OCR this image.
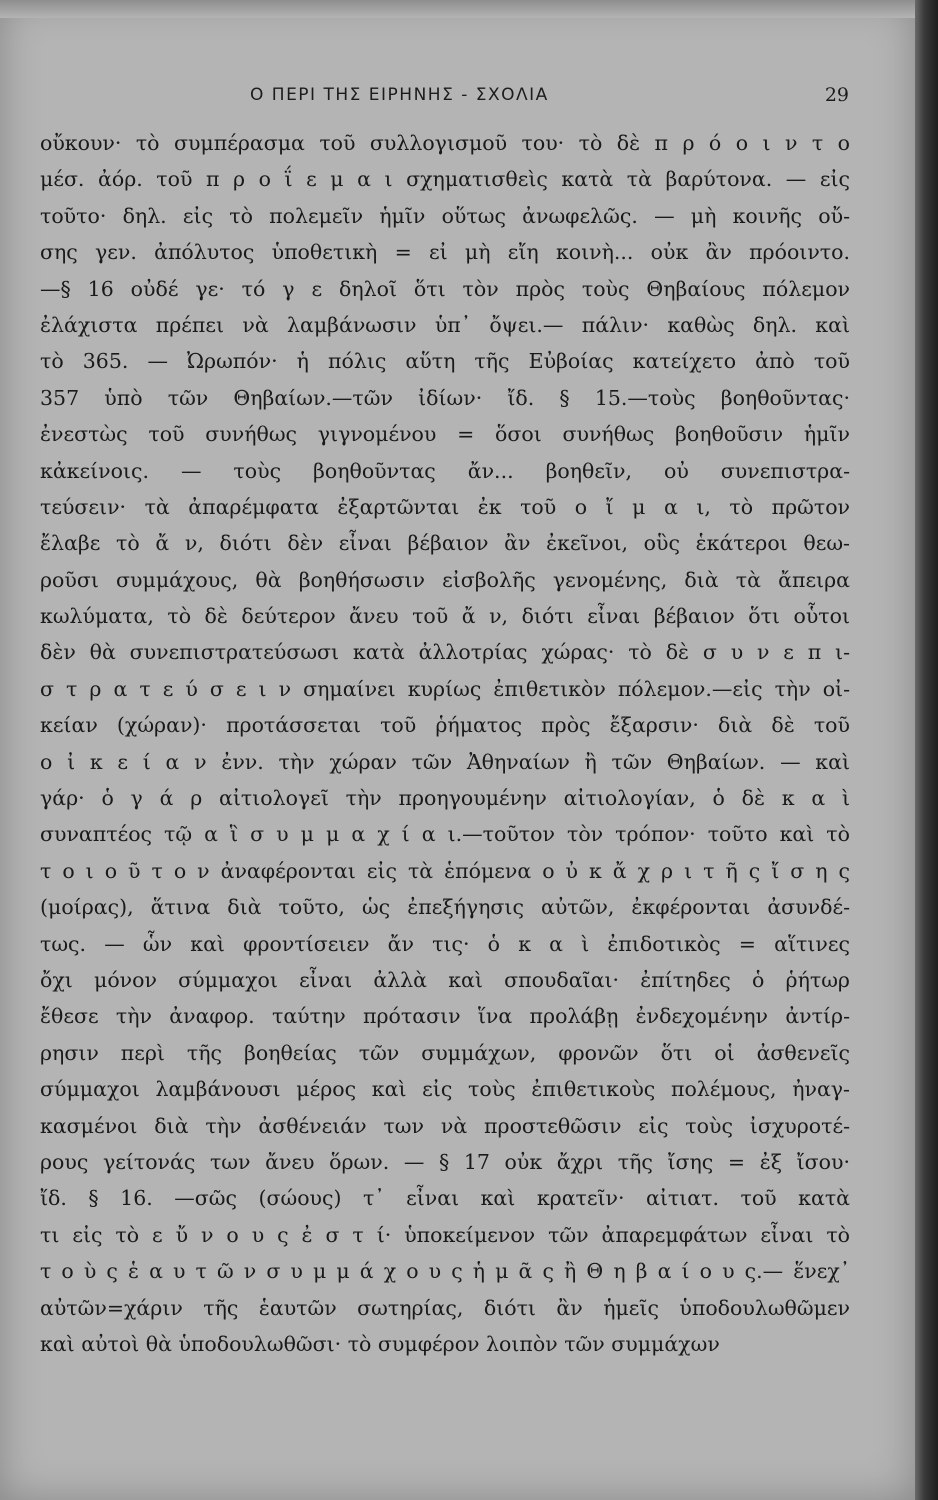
Ο ΠΕΡΙ ΤΗΣ ΕΙΡΗΝΗΣ - ΣΧΟΛΙΑ	29
οὔκουν· τὸ συμπέρασμα τοῦ συλλογισμοῦ του· τὸ δὲ π ρ ό ο ι ν τ ο
μέσ. ἀόρ. τοῦ π ρ ο ΐ ε μ α ι σχηματισθεὶς κατὰ τὰ βαρύτονα. — εἰς
τοῦτο· δηλ. εἰς τὸ πολεμεῖν ἡμῖν οὕτως ἀνωφελῶς. — μὴ κοινῆς οὔ-
σης γεν. ἀπόλυτος ὑποθετικὴ = εἰ μὴ εἴη κοινὴ... οὐκ ἂν πρόοιντο.
—§ 16 οὐδέ γε· τό γ ε δηλοῖ ὅτι τὸν πρὸς τοὺς Θηβαίους πόλεμον
ἐλάχιστα πρέπει νὰ λαμβάνωσιν ὑπ᾽ ὄψει.— πάλιν· καθὼς δηλ. καὶ
τὸ 365. — Ὠρωπόν· ἡ πόλις αὕτη τῆς Εὐβοίας κατείχετο ἀπὸ τοῦ
357 ὑπὸ τῶν Θηβαίων.—τῶν ἰδίων· ἴδ. § 15.—τοὺς βοηθοῦντας·
ἐνεστὼς τοῦ συνήθως γιγνομένου = ὅσοι συνήθως βοηθοῦσιν ἡμῖν
κἀκείνοις. — τοὺς βοηθοῦντας ἄν... βοηθεῖν, οὐ συνεπιστρα-
τεύσειν· τὰ ἀπαρέμφατα ἐξαρτῶνται ἐκ τοῦ ο ἴ μ α ι, τὸ πρῶτον
ἔλαβε τὸ ἄ ν, διότι δὲν εἶναι βέβαιον ἂν ἐκεῖνοι, οὓς ἑκάτεροι θεω-
ροῦσι συμμάχους, θὰ βοηθήσωσιν εἰσβολῆς γενομένης, διὰ τὰ ἄπειρα
κωλύματα, τὸ δὲ δεύτερον ἄνευ τοῦ ἄ ν, διότι εἶναι βέβαιον ὅτι οὗτοι
δὲν θὰ συνεπιστρατεύσωσι κατὰ ἀλλοτρίας χώρας· τὸ δὲ σ υ ν ε π ι-
σ τ ρ α τ ε ύ σ ε ι ν σημαίνει κυρίως ἐπιθετικὸν πόλεμον.—εἰς τὴν οἰ-
κείαν (χώραν)· προτάσσεται τοῦ ῥήματος πρὸς ἔξαρσιν· διὰ δὲ τοῦ
ο ἰ κ ε ί α ν ἐνν. τὴν χώραν τῶν Ἀθηναίων ἢ τῶν Θηβαίων. — καὶ
γάρ· ὁ γ ά ρ αἰτιολογεῖ τὴν προηγουμένην αἰτιολογίαν, ὁ δὲ κ α ὶ
συναπτέος τῷ α ἳ σ υ μ μ α χ ί α ι.—τοῦτον τὸν τρόπον· τοῦτο καὶ τὸ
τ ο ι ο ῦ τ ο ν ἀναφέρονται εἰς τὰ ἑπόμενα ο ὐ κ ἄ χ ρ ι τ ῆ ς ἴ σ η ς
(μοίρας), ἅτινα διὰ τοῦτο, ὡς ἐπεξήγησις αὐτῶν, ἐκφέρονται ἀσυνδέ-
τως. — ὧν καὶ φροντίσειεν ἄν τις· ὁ κ α ὶ ἐπιδοτικὸς = αἵτινες
ὄχι μόνον σύμμαχοι εἶναι ἀλλὰ καὶ σπουδαῖαι· ἐπίτηδες ὁ ῥήτωρ
ἔθεσε τὴν ἀναφορ. ταύτην πρότασιν ἵνα προλάβῃ ἐνδεχομένην ἀντίρ-
ρησιν περὶ τῆς βοηθείας τῶν συμμάχων, φρονῶν ὅτι οἱ ἀσθενεῖς
σύμμαχοι λαμβάνουσι μέρος καὶ εἰς τοὺς ἐπιθετικοὺς πολέμους, ἠναγ-
κασμένοι διὰ τὴν ἀσθένειάν των νὰ προστεθῶσιν εἰς τοὺς ἰσχυροτέ-
ρους γείτονάς των ἄνευ ὅρων. — § 17 οὐκ ἄχρι τῆς ἴσης = ἐξ ἴσου·
ἴδ. § 16. —σῶς (σώους) τ᾽ εἶναι καὶ κρατεῖν· αἰτιατ. τοῦ κατὰ
τι εἰς τὸ ε ὔ ν ο υ ς ἐ σ τ ί· ὑποκείμενον τῶν ἀπαρεμφάτων εἶναι τὸ
τ ο ὺ ς ἑ α υ τ ῶ ν σ υ μ μ ά χ ο υ ς ἡ μ ᾶ ς ἢ Θ η β α ί ο υ ς.— ἕνεχ᾽
αὐτῶν=χάριν τῆς ἑαυτῶν σωτηρίας, διότι ἂν ἡμεῖς ὑποδουλωθῶμεν
καὶ αὐτοὶ θὰ ὑποδουλωθῶσι· τὸ συμφέρον λοιπὸν τῶν συμμάχων
